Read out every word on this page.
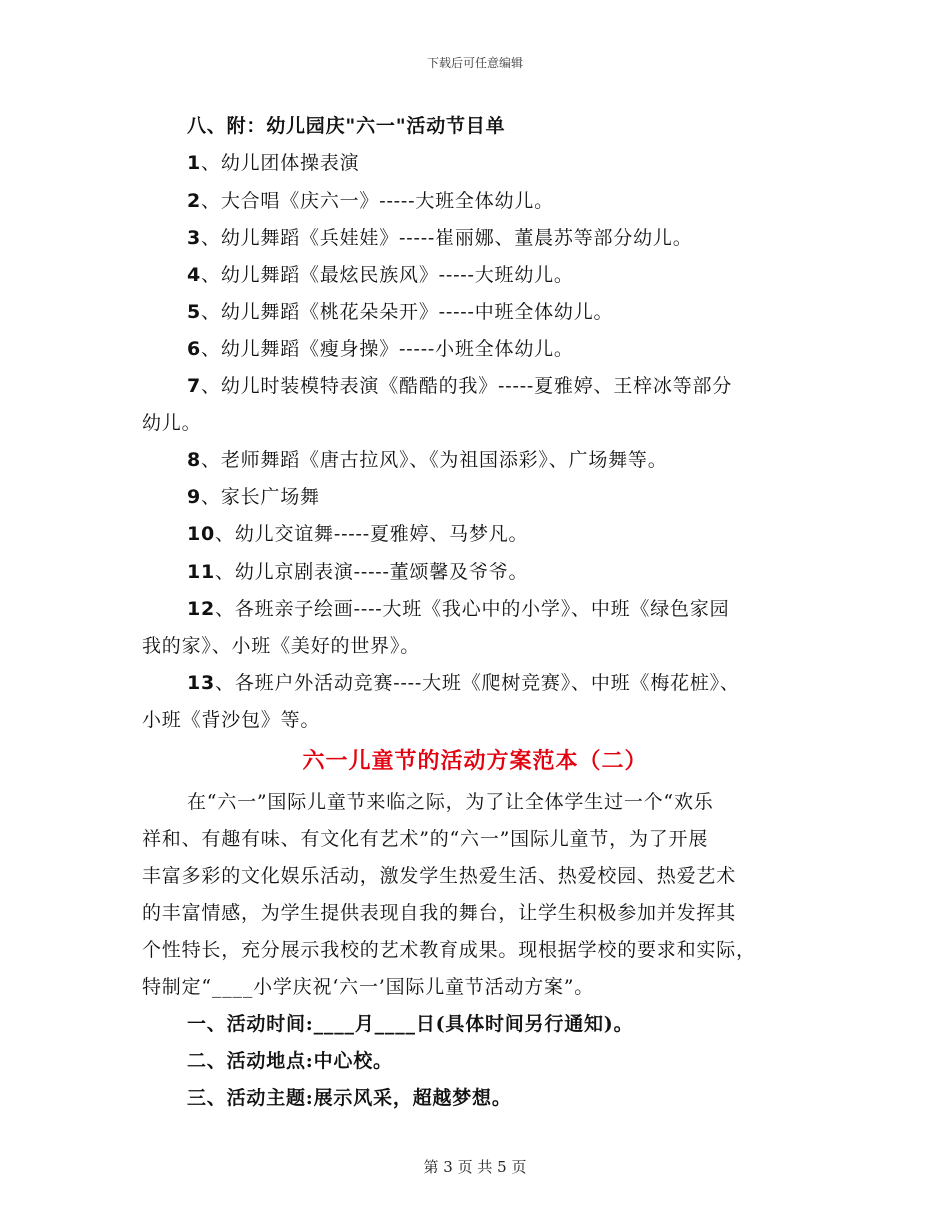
下载后可任意编辑
八、附：幼儿园庆"六一"活动节目单
1、幼儿团体操表演
2、大合唱《庆六一》-----大班全体幼儿。
3、幼儿舞蹈《兵娃娃》-----崔丽娜、董晨苏等部分幼儿。
4、幼儿舞蹈《最炫民族风》-----大班幼儿。
5、幼儿舞蹈《桃花朵朵开》-----中班全体幼儿。
6、幼儿舞蹈《瘦身操》-----小班全体幼儿。
7、幼儿时装模特表演《酷酷的我》-----夏雅婷、王梓冰等部分
幼儿。
8、老师舞蹈《唐古拉风》、《为祖国添彩》、广场舞等。
9、家长广场舞
10、幼儿交谊舞-----夏雅婷、马梦凡。
11、幼儿京剧表演-----董颂馨及爷爷。
12、各班亲子绘画----大班《我心中的小学》、中班《绿色家园
我的家》、小班《美好的世界》。
13、各班户外活动竞赛----大班《爬树竞赛》、中班《梅花桩》、
小班《背沙包》等。
六一儿童节的活动方案范本（二）
在“六一”国际儿童节来临之际，为了让全体学生过一个“欢乐
祥和、有趣有味、有文化有艺术”的“六一”国际儿童节，为了开展
丰富多彩的文化娱乐活动，激发学生热爱生活、热爱校园、热爱艺术
的丰富情感，为学生提供表现自我的舞台，让学生积极参加并发挥其
个性特长，充分展示我校的艺术教育成果。现根据学校的要求和实际，
特制定“____小学庆祝‘六一’国际儿童节活动方案”。
一、活动时间:____月____日(具体时间另行通知)。
二、活动地点:中心校。
三、活动主题:展示风采，超越梦想。
第 3 页 共 5 页
